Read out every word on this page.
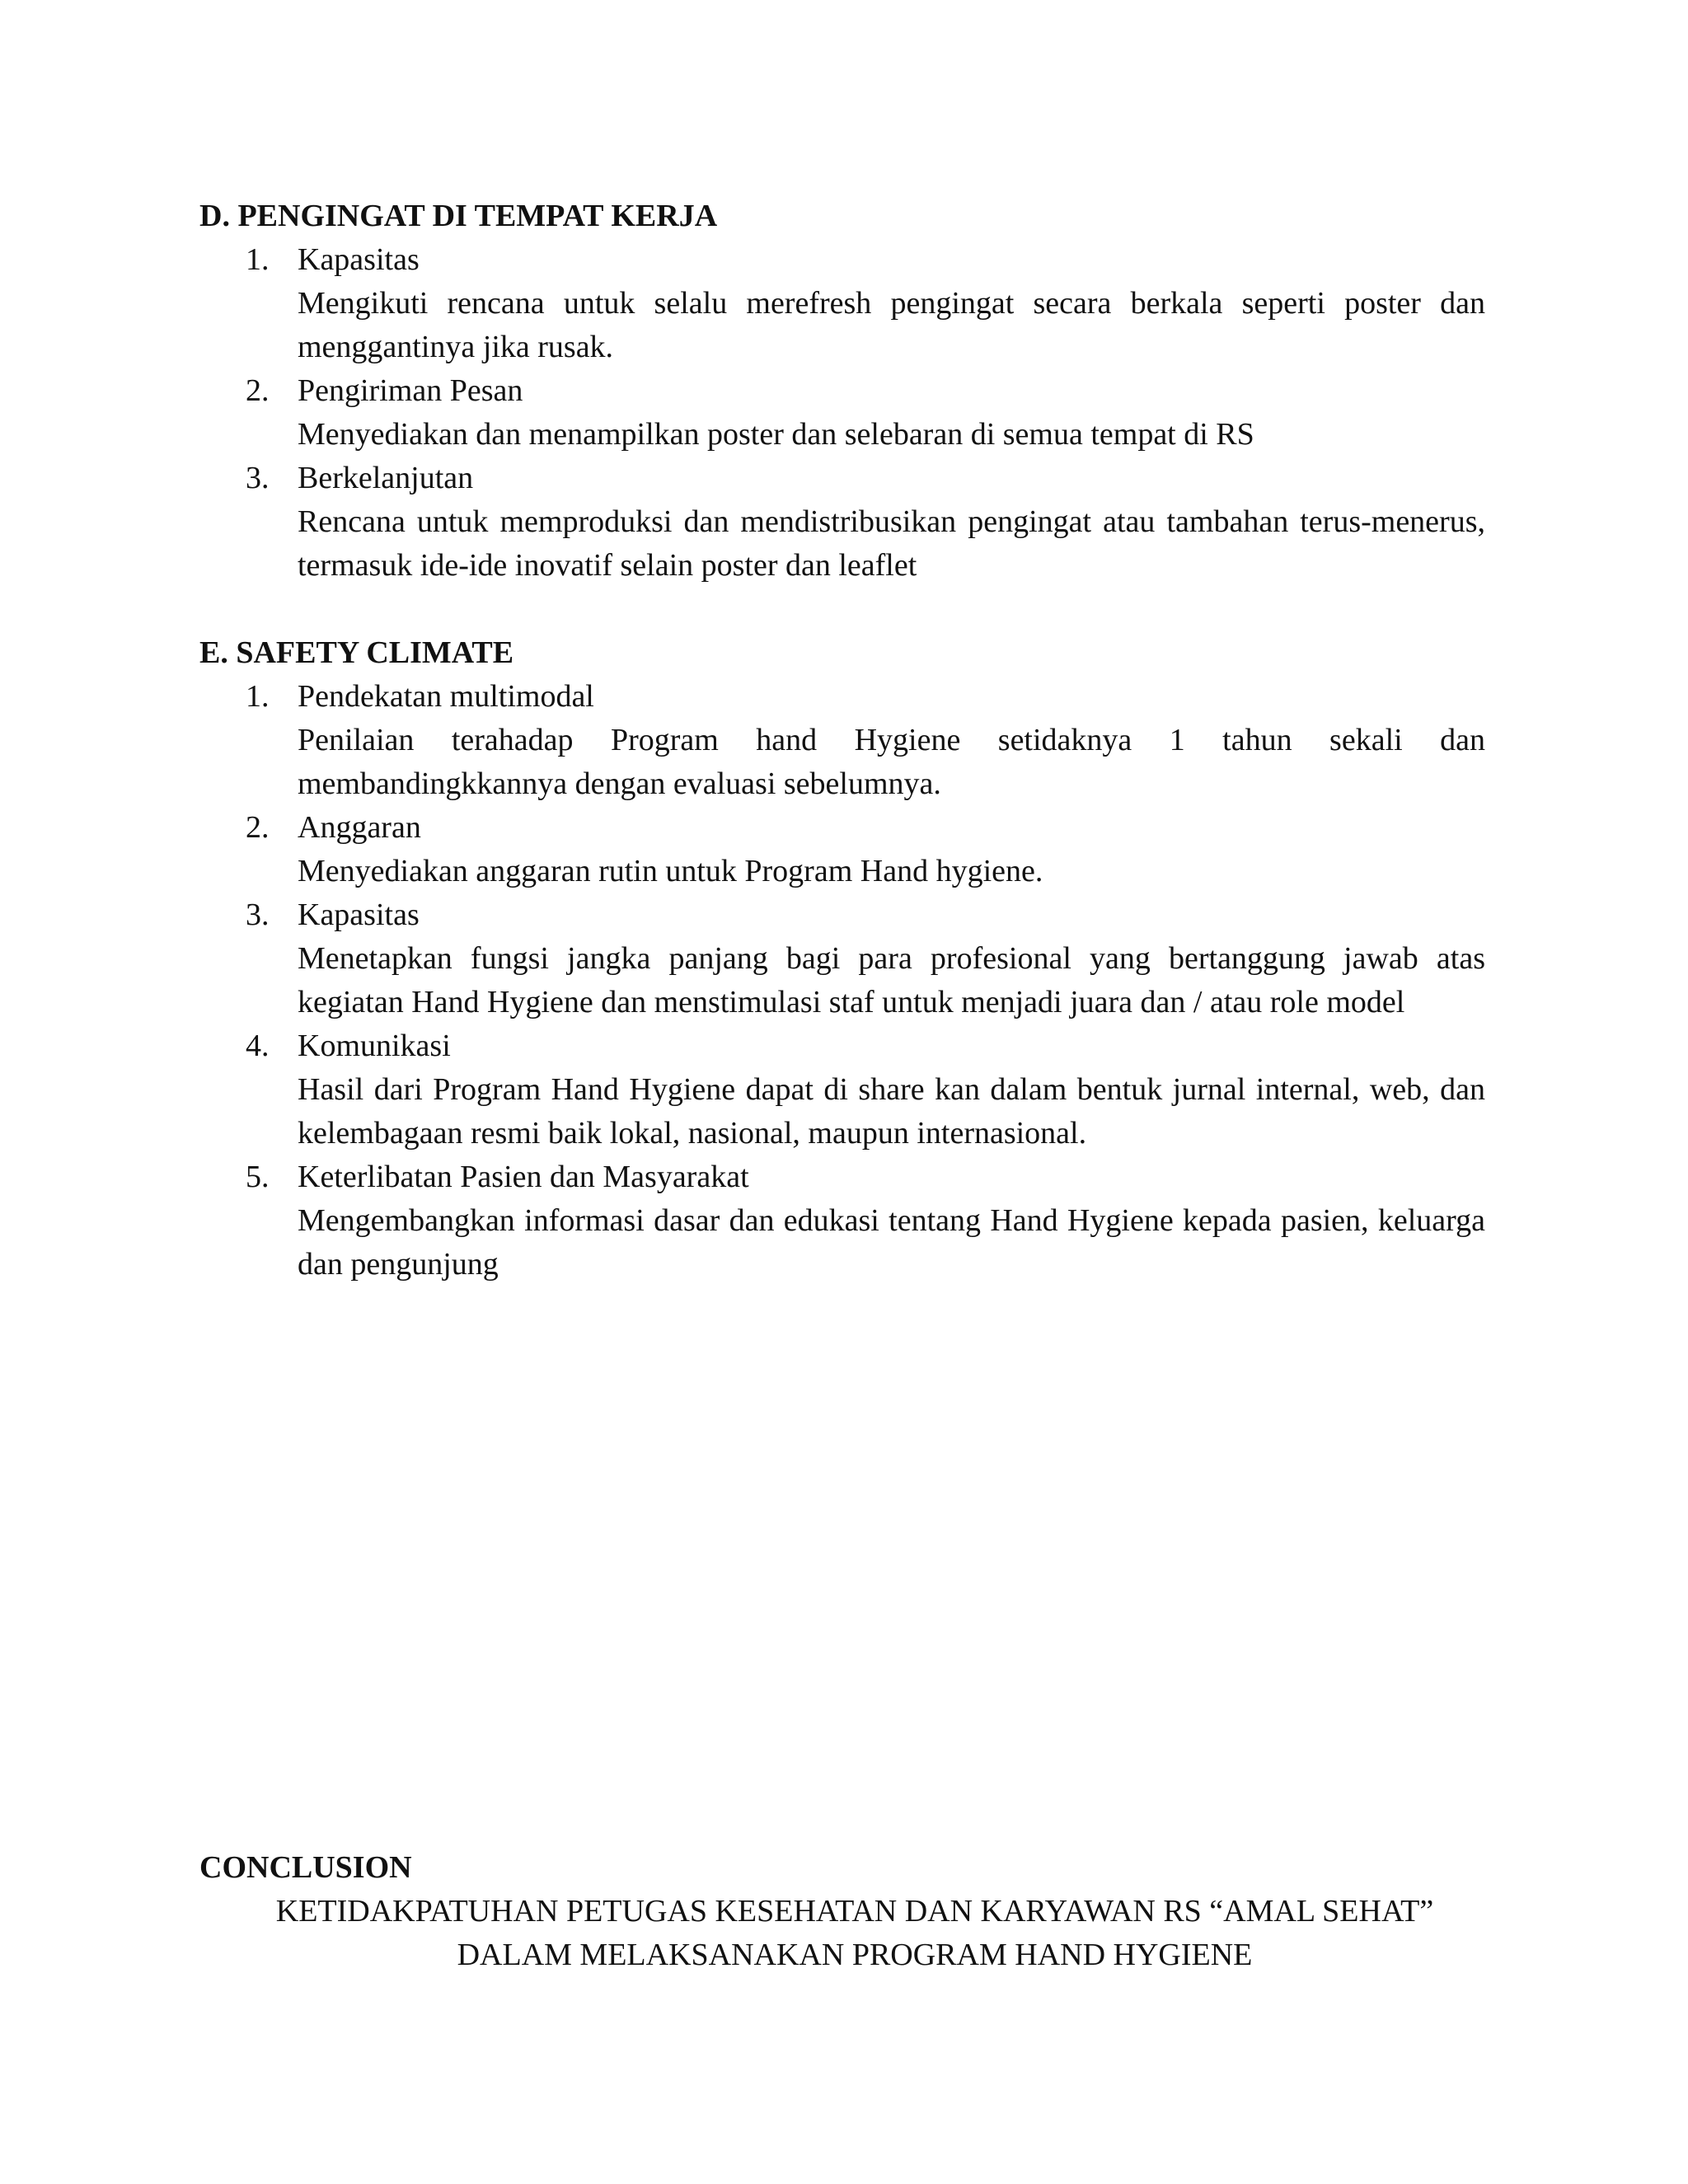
D. PENGINGAT DI TEMPAT KERJA

1. Kapasitas
Mengikuti rencana untuk selalu merefresh pengingat secara berkala seperti poster dan menggantinya jika rusak.
2. Pengiriman Pesan
Menyediakan dan menampilkan poster dan selebaran di semua tempat di RS
3. Berkelanjutan
Rencana untuk memproduksi dan mendistribusikan pengingat atau tambahan terus-menerus, termasuk ide-ide inovatif selain poster dan leaflet

E. SAFETY CLIMATE

1. Pendekatan multimodal
Penilaian terahadap Program hand Hygiene setidaknya 1 tahun sekali dan membandingkkannya dengan evaluasi sebelumnya.
2. Anggaran
Menyediakan anggaran rutin untuk Program Hand hygiene.
3. Kapasitas
Menetapkan fungsi jangka panjang bagi para profesional yang bertanggung jawab atas kegiatan Hand Hygiene dan menstimulasi staf untuk menjadi juara dan / atau role model
4. Komunikasi
Hasil dari Program Hand Hygiene dapat di share kan dalam bentuk jurnal internal, web, dan kelembagaan resmi baik lokal, nasional, maupun internasional.
5. Keterlibatan Pasien dan Masyarakat
Mengembangkan informasi dasar dan edukasi tentang Hand Hygiene kepada pasien, keluarga dan pengunjung

CONCLUSION

KETIDAKPATUHAN PETUGAS KESEHATAN DAN KARYAWAN RS “AMAL SEHAT”

DALAM MELAKSANAKAN PROGRAM HAND HYGIENE
